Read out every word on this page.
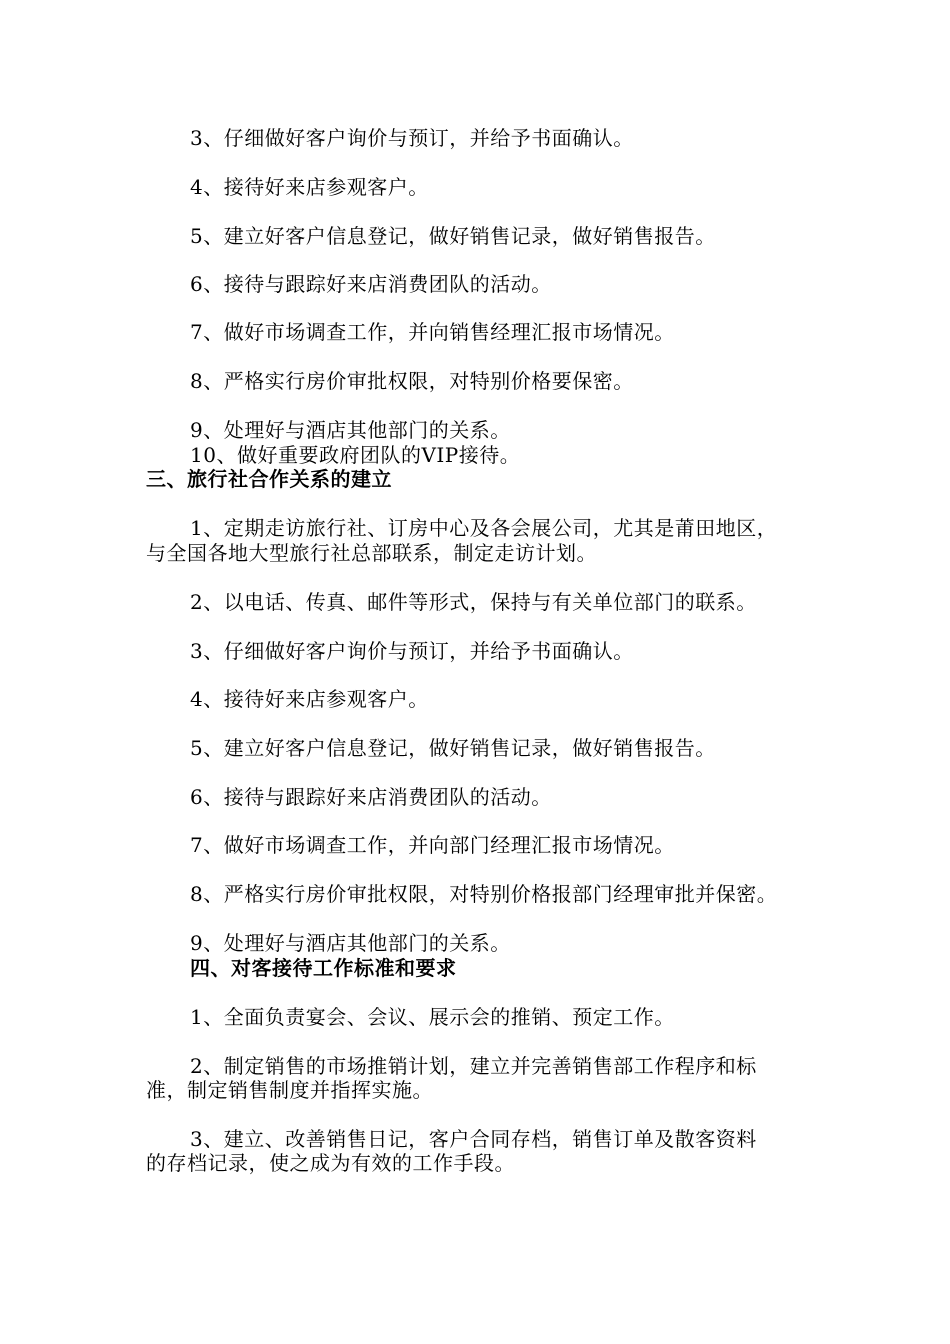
3、仔细做好客户询价与预订，并给予书面确认。
4、接待好来店参观客户。
5、建立好客户信息登记，做好销售记录，做好销售报告。
6、接待与跟踪好来店消费团队的活动。
7、做好市场调查工作，并向销售经理汇报市场情况。
8、严格实行房价审批权限，对特别价格要保密。
9、处理好与酒店其他部门的关系。
10、做好重要政府团队的VIP接待。
三、旅行社合作关系的建立
1、定期走访旅行社、订房中心及各会展公司，尤其是莆田地区，
与全国各地大型旅行社总部联系，制定走访计划。
2、以电话、传真、邮件等形式，保持与有关单位部门的联系。
3、仔细做好客户询价与预订，并给予书面确认。
4、接待好来店参观客户。
5、建立好客户信息登记，做好销售记录，做好销售报告。
6、接待与跟踪好来店消费团队的活动。
7、做好市场调查工作，并向部门经理汇报市场情况。
8、严格实行房价审批权限，对特别价格报部门经理审批并保密。
9、处理好与酒店其他部门的关系。
四、对客接待工作标准和要求
1、全面负责宴会、会议、展示会的推销、预定工作。
2、制定销售的市场推销计划，建立并完善销售部工作程序和标
准，制定销售制度并指挥实施。
3、建立、改善销售日记，客户合同存档，销售订单及散客资料
的存档记录，使之成为有效的工作手段。
